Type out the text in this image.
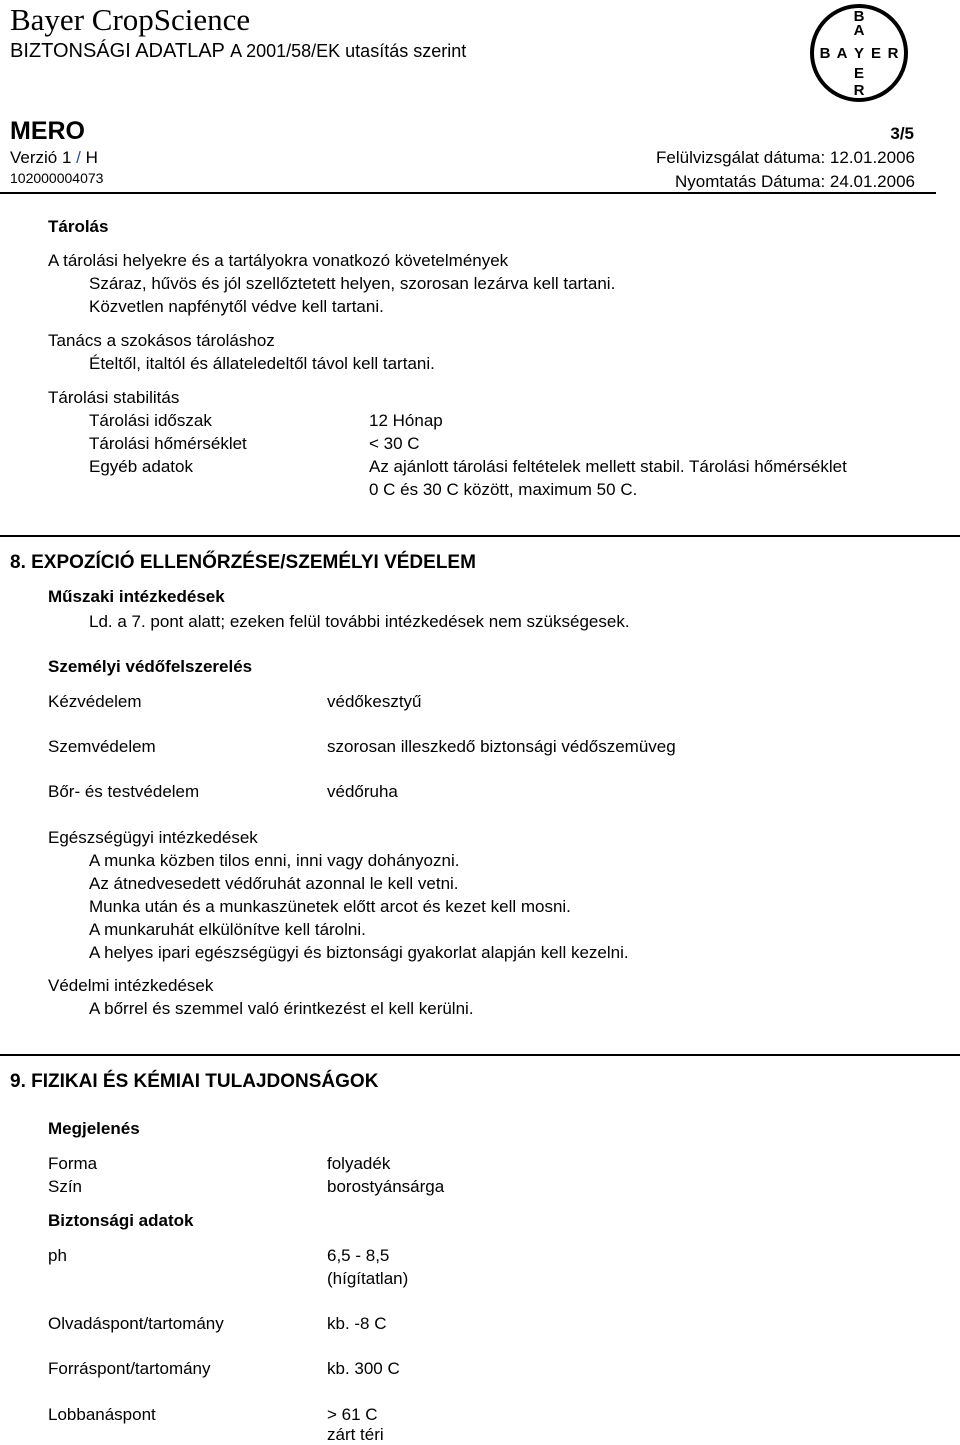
Bayer CropScience
BIZTONSÁGI ADATLAP A 2001/58/EK utasítás szerint
B
A
B A Y E R
E
R
MERO	3/5
Verzió 1 / H
102000004073
Felülvizsgálat dátuma: 12.01.2006
Nyomtatás Dátuma: 24.01.2006
Tárolás
A tárolási helyekre és a tartályokra vonatkozó követelmények
Száraz, hűvös és jól szellőztetett helyen, szorosan lezárva kell tartani.
Közvetlen napfénytől védve kell tartani.
Tanács a szokásos tároláshoz
Ételtől, italtól és állateledeltől távol kell tartani.
Tárolási stabilitás
Tárolási időszak	12 Hónap
Tárolási hőmérséklet	< 30 C
Egyéb adatok	Az ajánlott tárolási feltételek mellett stabil. Tárolási hőmérséklet
0 C és 30 C között, maximum 50 C.
8. EXPOZÍCIÓ ELLENŐRZÉSE/SZEMÉLYI VÉDELEM
Műszaki intézkedések
Ld. a 7. pont alatt; ezeken felül további intézkedések nem szükségesek.
Személyi védőfelszerelés
Kézvédelem	védőkesztyű
Szemvédelem	szorosan illeszkedő biztonsági védőszemüveg
Bőr- és testvédelem	védőruha
Egészségügyi intézkedések
A munka közben tilos enni, inni vagy dohányozni.
Az átnedvesedett védőruhát azonnal le kell vetni.
Munka után és a munkaszünetek előtt arcot és kezet kell mosni.
A munkaruhát elkülönítve kell tárolni.
A helyes ipari egészségügyi és biztonsági gyakorlat alapján kell kezelni.
Védelmi intézkedések
A bőrrel és szemmel való érintkezést el kell kerülni.
9. FIZIKAI ÉS KÉMIAI TULAJDONSÁGOK
Megjelenés
Forma	folyadék
Szín	borostyánsárga
Biztonsági adatok
ph	6,5 - 8,5
(hígítatlan)
Olvadáspont/tartomány	kb. -8 C
Forráspont/tartomány	kb. 300 C
Lobbanáspont	> 61 C
zárt téri
